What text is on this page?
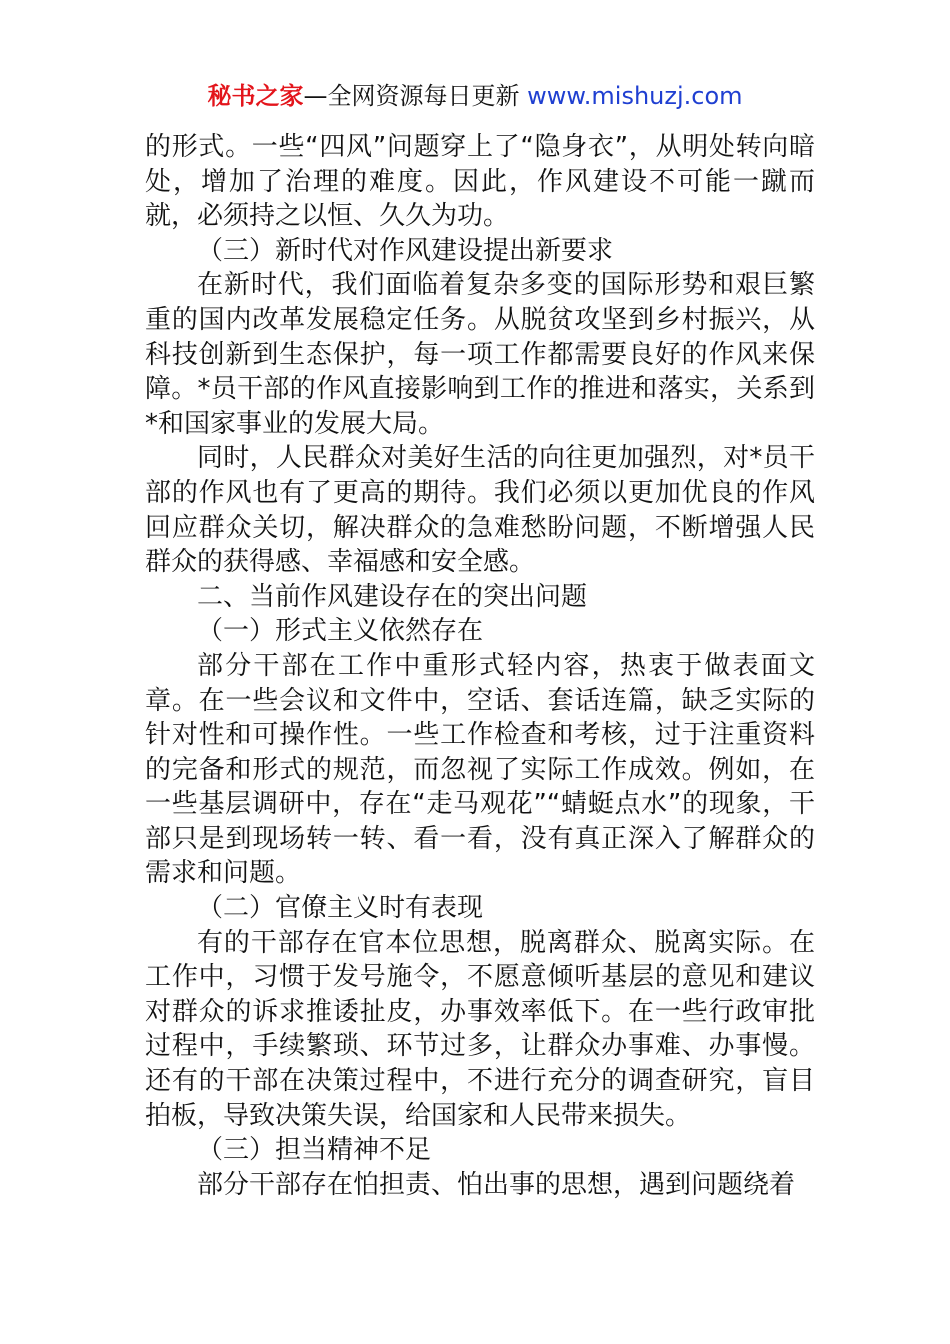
秘书之家—全网资源每日更新 www.mishuzj.com

的形式。一些“四风”问题穿上了“隐身衣”，从明处转向暗处，增加了治理的难度。因此，作风建设不可能一蹴而就，必须持之以恒、久久为功。

（三）新时代对作风建设提出新要求

在新时代，我们面临着复杂多变的国际形势和艰巨繁重的国内改革发展稳定任务。从脱贫攻坚到乡村振兴，从科技创新到生态保护，每一项工作都需要良好的作风来保障。*员干部的作风直接影响到工作的推进和落实，关系到*和国家事业的发展大局。

同时，人民群众对美好生活的向往更加强烈，对*员干部的作风也有了更高的期待。我们必须以更加优良的作风回应群众关切，解决群众的急难愁盼问题，不断增强人民群众的获得感、幸福感和安全感。

二、当前作风建设存在的突出问题

（一）形式主义依然存在

部分干部在工作中重形式轻内容，热衷于做表面文章。在一些会议和文件中，空话、套话连篇，缺乏实际的针对性和可操作性。一些工作检查和考核，过于注重资料的完备和形式的规范，而忽视了实际工作成效。例如，在一些基层调研中，存在“走马观花”“蜻蜓点水”的现象，干部只是到现场转一转、看一看，没有真正深入了解群众的需求和问题。

（二）官僚主义时有表现

有的干部存在官本位思想，脱离群众、脱离实际。在工作中，习惯于发号施令，不愿意倾听基层的意见和建议对群众的诉求推诿扯皮，办事效率低下。在一些行政审批过程中，手续繁琐、环节过多，让群众办事难、办事慢。还有的干部在决策过程中，不进行充分的调查研究，盲目拍板，导致决策失误，给国家和人民带来损失。

（三）担当精神不足

部分干部存在怕担责、怕出事的思想，遇到问题绕着
